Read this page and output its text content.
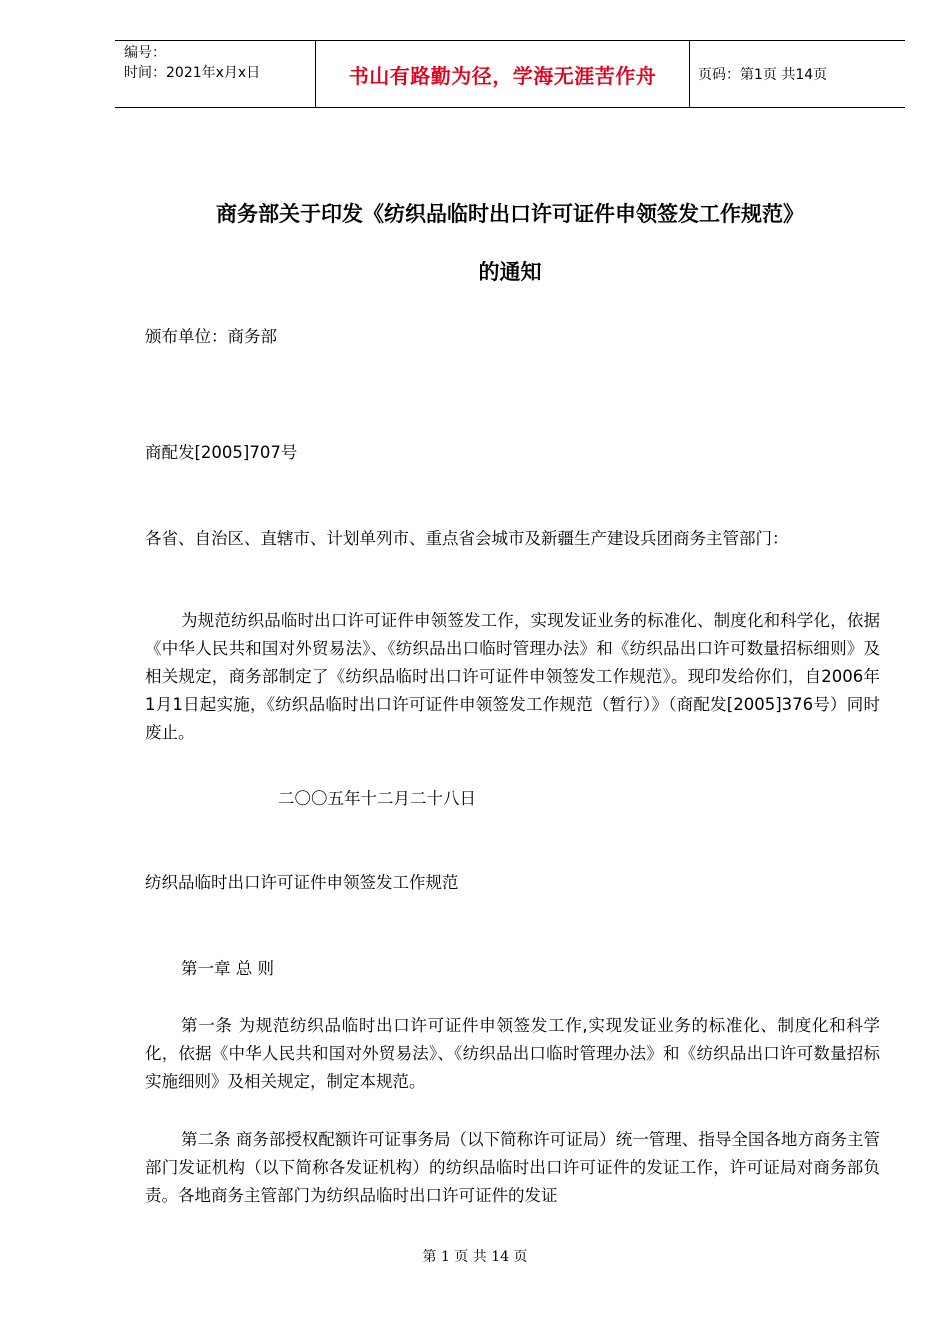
编号：
时间：2021年x月x日	书山有路勤为径，学海无涯苦作舟	页码：第1页 共14页
商务部关于印发《纺织品临时出口许可证件申领签发工作规范》
的通知
颁布单位：商务部
商配发[2005]707号
各省、自治区、直辖市、计划单列市、重点省会城市及新疆生产建设兵团商务主管部门：
为规范纺织品临时出口许可证件申领签发工作，实现发证业务的标准化、制度化和科学化，依据《中华人民共和国对外贸易法》、《纺织品出口临时管理办法》和《纺织品出口许可数量招标细则》及相关规定，商务部制定了《纺织品临时出口许可证件申领签发工作规范》。现印发给你们，自2006年1月1日起实施，《纺织品临时出口许可证件申领签发工作规范（暂行）》（商配发[2005]376号）同时废止。
二〇〇五年十二月二十八日
纺织品临时出口许可证件申领签发工作规范
第一章 总 则
第一条 为规范纺织品临时出口许可证件申领签发工作,实现发证业务的标准化、制度化和科学化，依据《中华人民共和国对外贸易法》、《纺织品出口临时管理办法》和《纺织品出口许可数量招标实施细则》及相关规定，制定本规范。
第二条 商务部授权配额许可证事务局（以下简称许可证局）统一管理、指导全国各地方商务主管部门发证机构（以下简称各发证机构）的纺织品临时出口许可证件的发证工作，许可证局对商务部负责。各地商务主管部门为纺织品临时出口许可证件的发证
第 1 页 共 14 页
